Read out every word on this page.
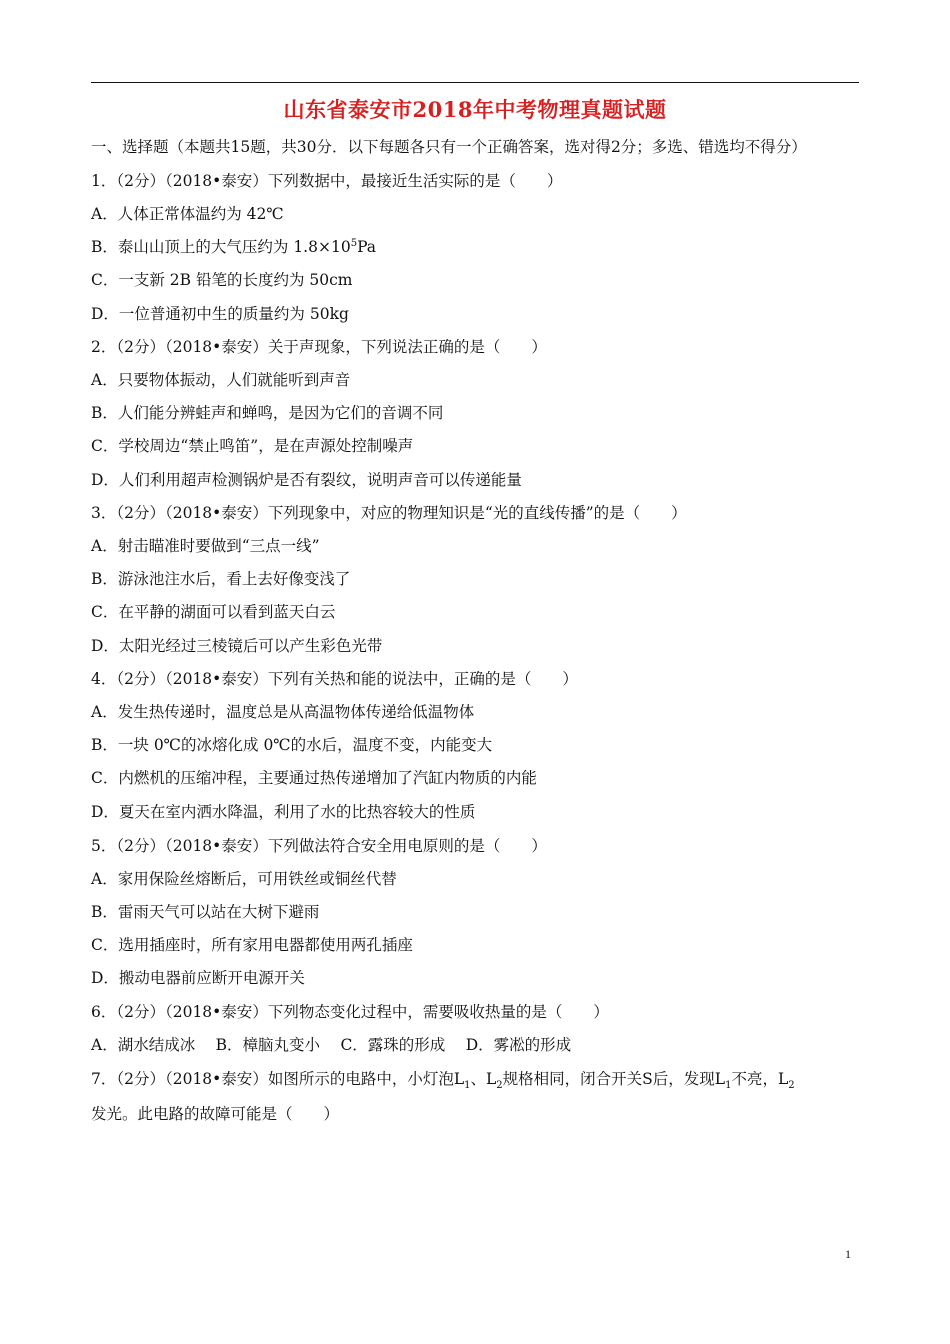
山东省泰安市2018年中考物理真题试题
一、选择题（本题共15题，共30分．以下每题各只有一个正确答案，选对得2分；多选、错选均不得分）
1．（2分）（2018•泰安）下列数据中，最接近生活实际的是（　　）
A．人体正常体温约为 42℃
B．泰山山顶上的大气压约为 $1.8\times 10^5Pa$
C．一支新 2B 铅笔的长度约为 50cm
D．一位普通初中生的质量约为 50kg
2．（2分）（2018•泰安）关于声现象，下列说法正确的是（　　）
A．只要物体振动，人们就能听到声音
B．人们能分辨蛙声和蝉鸣，是因为它们的音调不同
C．学校周边“禁止鸣笛”，是在声源处控制噪声
D．人们利用超声检测锅炉是否有裂纹，说明声音可以传递能量
3．（2分）（2018•泰安）下列现象中，对应的物理知识是“光的直线传播”的是（　　）
A．射击瞄准时要做到“三点一线”
B．游泳池注水后，看上去好像变浅了
C．在平静的湖面可以看到蓝天白云
D．太阳光经过三棱镜后可以产生彩色光带
4．（2分）（2018•泰安）下列有关热和能的说法中，正确的是（　　）
A．发生热传递时，温度总是从高温物体传递给低温物体
B．一块 0℃的冰熔化成 0℃的水后，温度不变，内能变大
C．内燃机的压缩冲程，主要通过热传递增加了汽缸内物质的内能
D．夏天在室内洒水降温，利用了水的比热容较大的性质
5．（2分）（2018•泰安）下列做法符合安全用电原则的是（　　）
A．家用保险丝熔断后，可用铁丝或铜丝代替
B．雷雨天气可以站在大树下避雨
C．选用插座时，所有家用电器都使用两孔插座
D．搬动电器前应断开电源开关
6．（2分）（2018•泰安）下列物态变化过程中，需要吸收热量的是（　　）
A．湖水结成冰　 B．樟脑丸变小　 C．露珠的形成　 D．雾凇的形成
7．（2分）（2018•泰安）如图所示的电路中，小灯泡$L_1$、$L_2$规格相同，闭合开关S后，发现$L_1$不亮，$L_2$
发光。此电路的故障可能是（　　）
1
